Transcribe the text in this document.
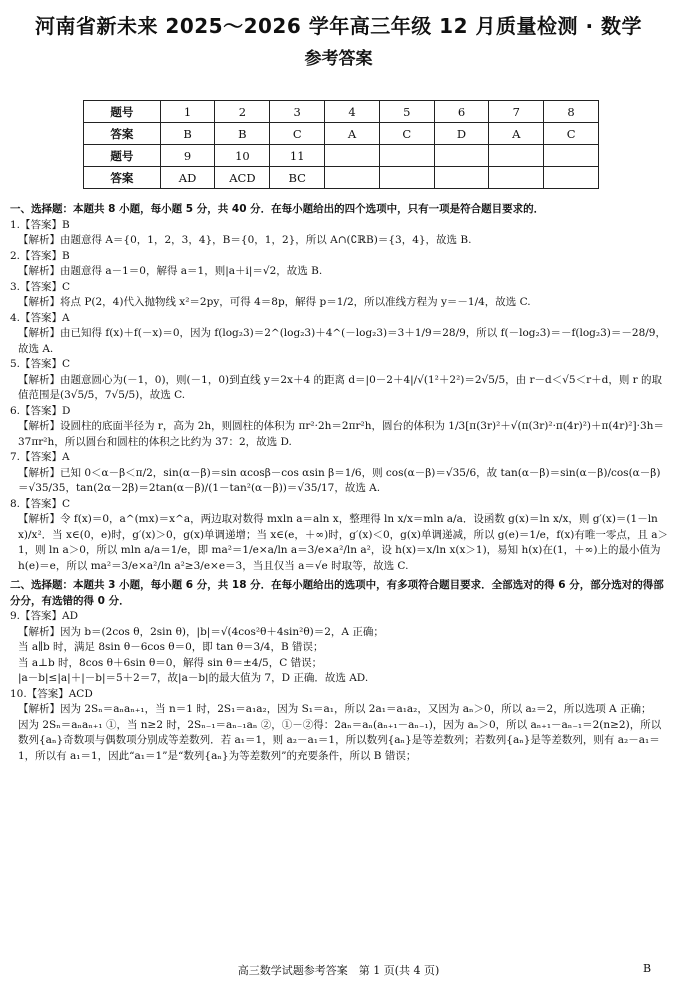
河南省新未来 2025～2026 学年高三年级 12 月质量检测 · 数学
参考答案
题号	1	2	3	4	5	6	7	8
答案	B	B	C	A	C	D	A	C
题号	9	10	11					
答案	AD	ACD	BC					
一、选择题：本题共 8 小题，每小题 5 分，共 40 分．在每小题给出的四个选项中，只有一项是符合题目要求的．
1.【答案】B
【解析】由题意得 A＝{0，1，2，3，4}，B＝{0，1，2}，所以 A∩(∁ℝB)＝{3，4}，故选 B.
2.【答案】B
【解析】由题意得 a－1＝0，解得 a＝1，则|a＋i|＝√2，故选 B.
3.【答案】C
【解析】将点 P(2，4)代入抛物线 x²＝2py，可得 4＝8p，解得 p＝1/2，所以准线方程为 y＝－1/4，故选 C.
4.【答案】A
【解析】由已知得 f(x)＋f(－x)＝0，因为 f(log₂3)＝2^(log₂3)＋4^(－log₂3)＝3＋1/9＝28/9，所以 f(－log₂3)＝－f(log₂3)＝－28/9，故选 A.
5.【答案】C
【解析】由题意圆心为(－1，0)，则(－1，0)到直线 y＝2x＋4 的距离 d＝|0－2＋4|/√(1²＋2²)＝2√5/5，由 r－d＜√5＜r＋d，则 r 的取值范围是(3√5/5，7√5/5)，故选 C.
6.【答案】D
【解析】设圆柱的底面半径为 r，高为 2h，则圆柱的体积为 πr²·2h＝2πr²h，圆台的体积为 1/3[π(3r)²＋√(π(3r)²·π(4r)²)＋π(4r)²]·3h＝37πr²h，所以圆台和圆柱的体积之比约为 37：2，故选 D.
7.【答案】A
【解析】已知 0＜α－β＜π/2，sin(α－β)＝sin αcosβ－cos αsin β＝1/6，则 cos(α－β)＝√35/6，故 tan(α－β)＝sin(α－β)/cos(α－β)＝√35/35，tan(2α－2β)＝2tan(α－β)/(1－tan²(α－β))＝√35/17，故选 A.
8.【答案】C
【解析】令 f(x)＝0，a^(mx)＝x^a，两边取对数得 mxln a＝aln x，整理得 ln x/x＝mln a/a．设函数 g(x)＝ln x/x，则 g′(x)＝(1－ln x)/x²．当 x∈(0，e)时，g′(x)＞0，g(x)单调递增；当 x∈(e，＋∞)时，g′(x)＜0，g(x)单调递减，所以 g(e)＝1/e，f(x)有唯一零点，且 a＞1，则 ln a＞0，所以 mln a/a＝1/e，即 ma²＝1/e×a/ln a＝3/e×a²/ln a²，设 h(x)＝x/ln x(x＞1)，易知 h(x)在(1，＋∞)上的最小值为 h(e)＝e，所以 ma²＝3/e×a²/ln a²≥3/e×e＝3，当且仅当 a＝√e 时取等，故选 C.
二、选择题：本题共 3 小题，每小题 6 分，共 18 分．在每小题给出的选项中，有多项符合题目要求．全部选对的得 6 分，部分选对的得部分分，有选错的得 0 分．
9.【答案】AD
【解析】因为 b＝(2cos θ，2sin θ)，|b|＝√(4cos²θ＋4sin²θ)＝2，A 正确；
当 a∥b 时，满足 8sin θ－6cos θ＝0，即 tan θ＝3/4，B 错误；
当 a⊥b 时，8cos θ＋6sin θ＝0，解得 sin θ＝±4/5，C 错误；
|a－b|≤|a|＋|－b|＝5＋2＝7，故|a－b|的最大值为 7，D 正确．故选 AD.
10.【答案】ACD
【解析】因为 2Sₙ＝aₙaₙ₊₁，当 n＝1 时，2S₁＝a₁a₂，因为 S₁＝a₁，所以 2a₁＝a₁a₂，又因为 aₙ＞0，所以 a₂＝2，所以选项 A 正确；
因为 2Sₙ＝aₙaₙ₊₁ ①，当 n≥2 时，2Sₙ₋₁＝aₙ₋₁aₙ ②，①－②得：2aₙ＝aₙ(aₙ₊₁－aₙ₋₁)，因为 aₙ＞0，所以 aₙ₊₁－aₙ₋₁＝2(n≥2)，所以数列{aₙ}奇数项与偶数项分别成等差数列．若 a₁＝1，则 a₂－a₁＝1，所以数列{aₙ}是等差数列；若数列{aₙ}是等差数列，则有 a₂－a₁＝1，所以有 a₁＝1，因此“a₁＝1”是“数列{aₙ}为等差数列”的充要条件，所以 B 错误；
高三数学试题参考答案　第 1 页(共 4 页)	B
